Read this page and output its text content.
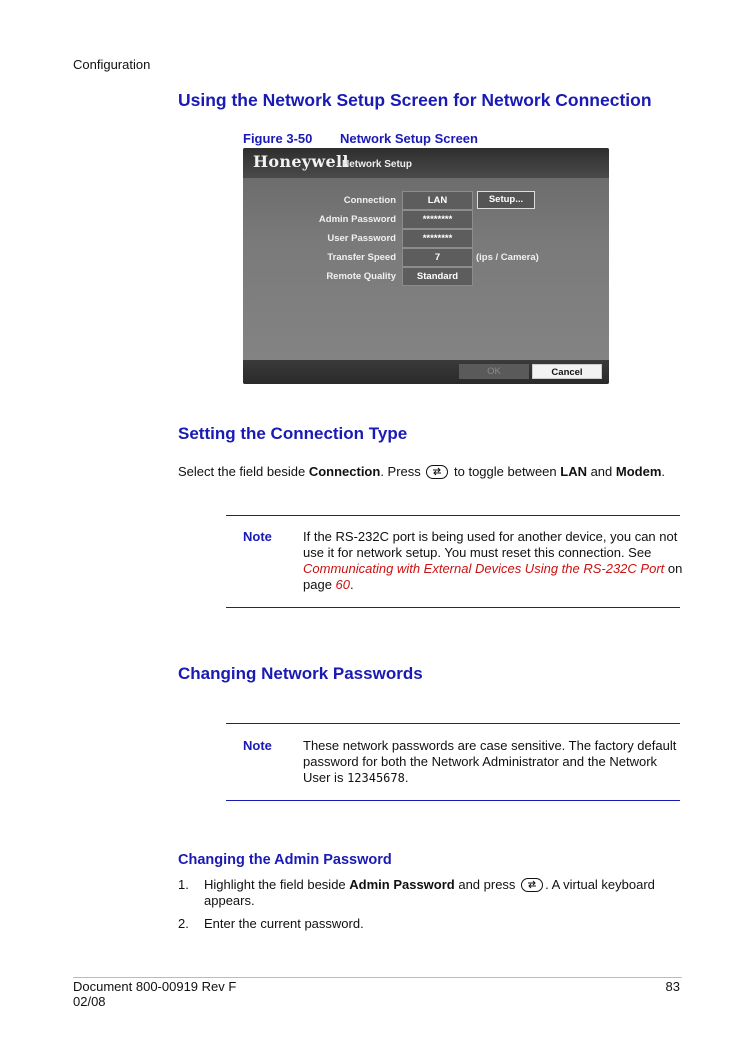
Configuration
Using the Network Setup Screen for Network Connection
Figure 3-50 Network Setup Screen
Honeywell
Network Setup
Connection	LAN	Setup...
Admin Password	********
User Password	********
Transfer Speed	7	(ips / Camera)
Remote Quality	Standard
OK	Cancel
Setting the Connection Type
Select the field beside Connection. Press
to toggle between LAN and Modem.
Note If the RS-232C port is being used for another device, you can not use it for network setup. You must reset this connection. See Communicating with External Devices Using the RS-232C Port on page 60.
Changing Network Passwords
Note These network passwords are case sensitive. The factory default password for both the Network Administrator and the Network User is 12345678.
Changing the Admin Password
1. Highlight the field beside Admin Password and press
. A virtual keyboard appears.
2. Enter the current password.
Document 800-00919 Rev F
02/08
83
